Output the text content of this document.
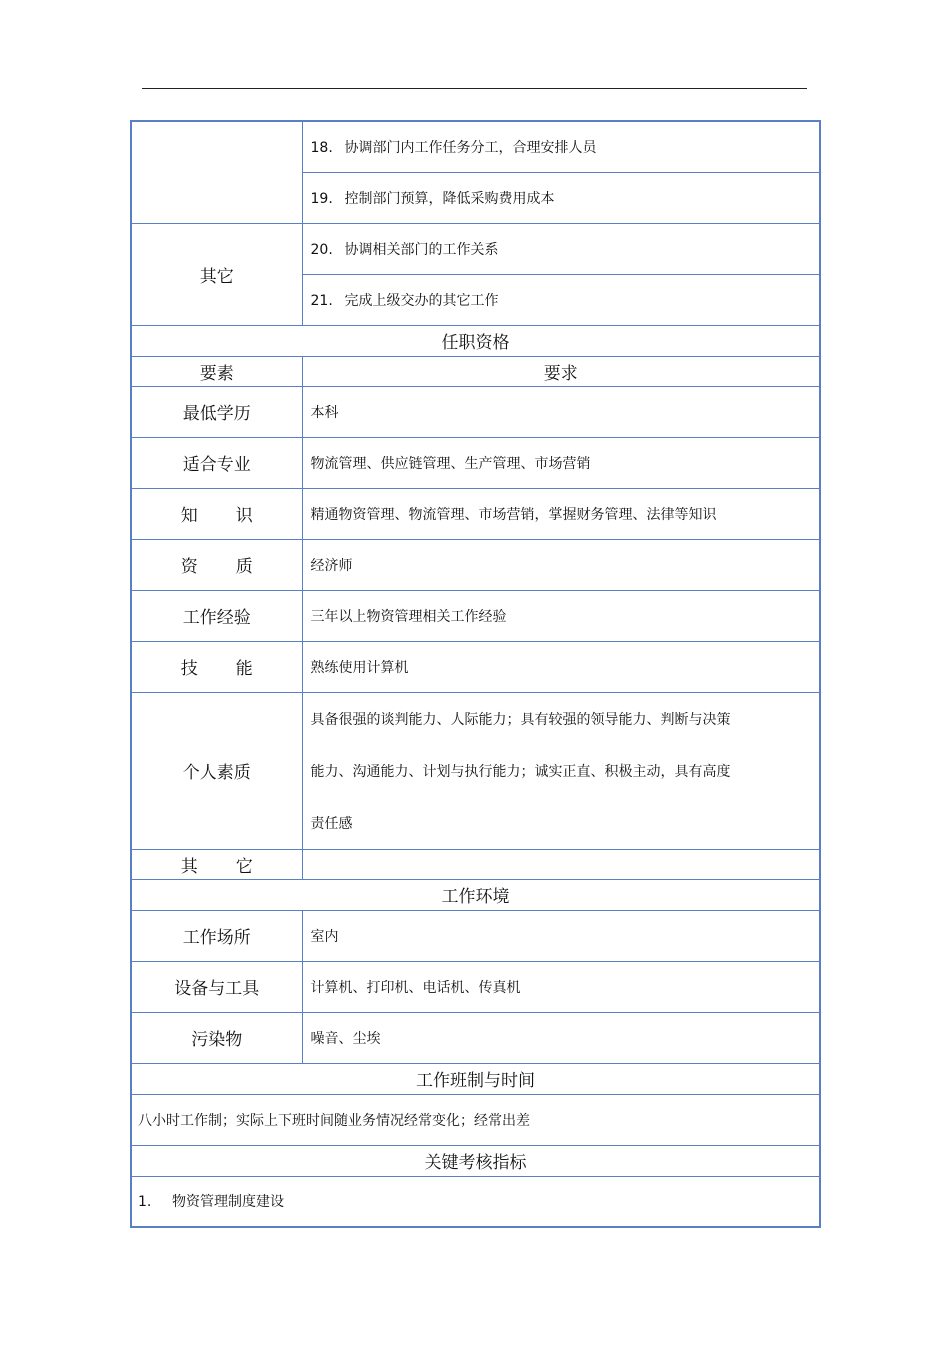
	18. 协调部门内工作任务分工，合理安排人员
	19. 控制部门预算，降低采购费用成本
其它	20. 协调相关部门的工作关系
	21. 完成上级交办的其它工作
任职资格	
要素	要求
最低学历	本科
适合专业	物流管理、供应链管理、生产管理、市场营销
知 识	精通物资管理、物流管理、市场营销，掌握财务管理、法律等知识
资 质	经济师
工作经验	三年以上物资管理相关工作经验
技 能	熟练使用计算机
个人素质	具备很强的谈判能力、人际能力；具有较强的领导能力、判断与决策
能力、沟通能力、计划与执行能力；诚实正直、积极主动，具有高度
责任感

其 它	
工作环境	
工作场所	室内
设备与工具	计算机、打印机、电话机、传真机
污染物	噪音、尘埃
工作班制与时间	
八小时工作制；实际上下班时间随业务情况经常变化；经常出差	
关键考核指标	
1. 物资管理制度建设	
